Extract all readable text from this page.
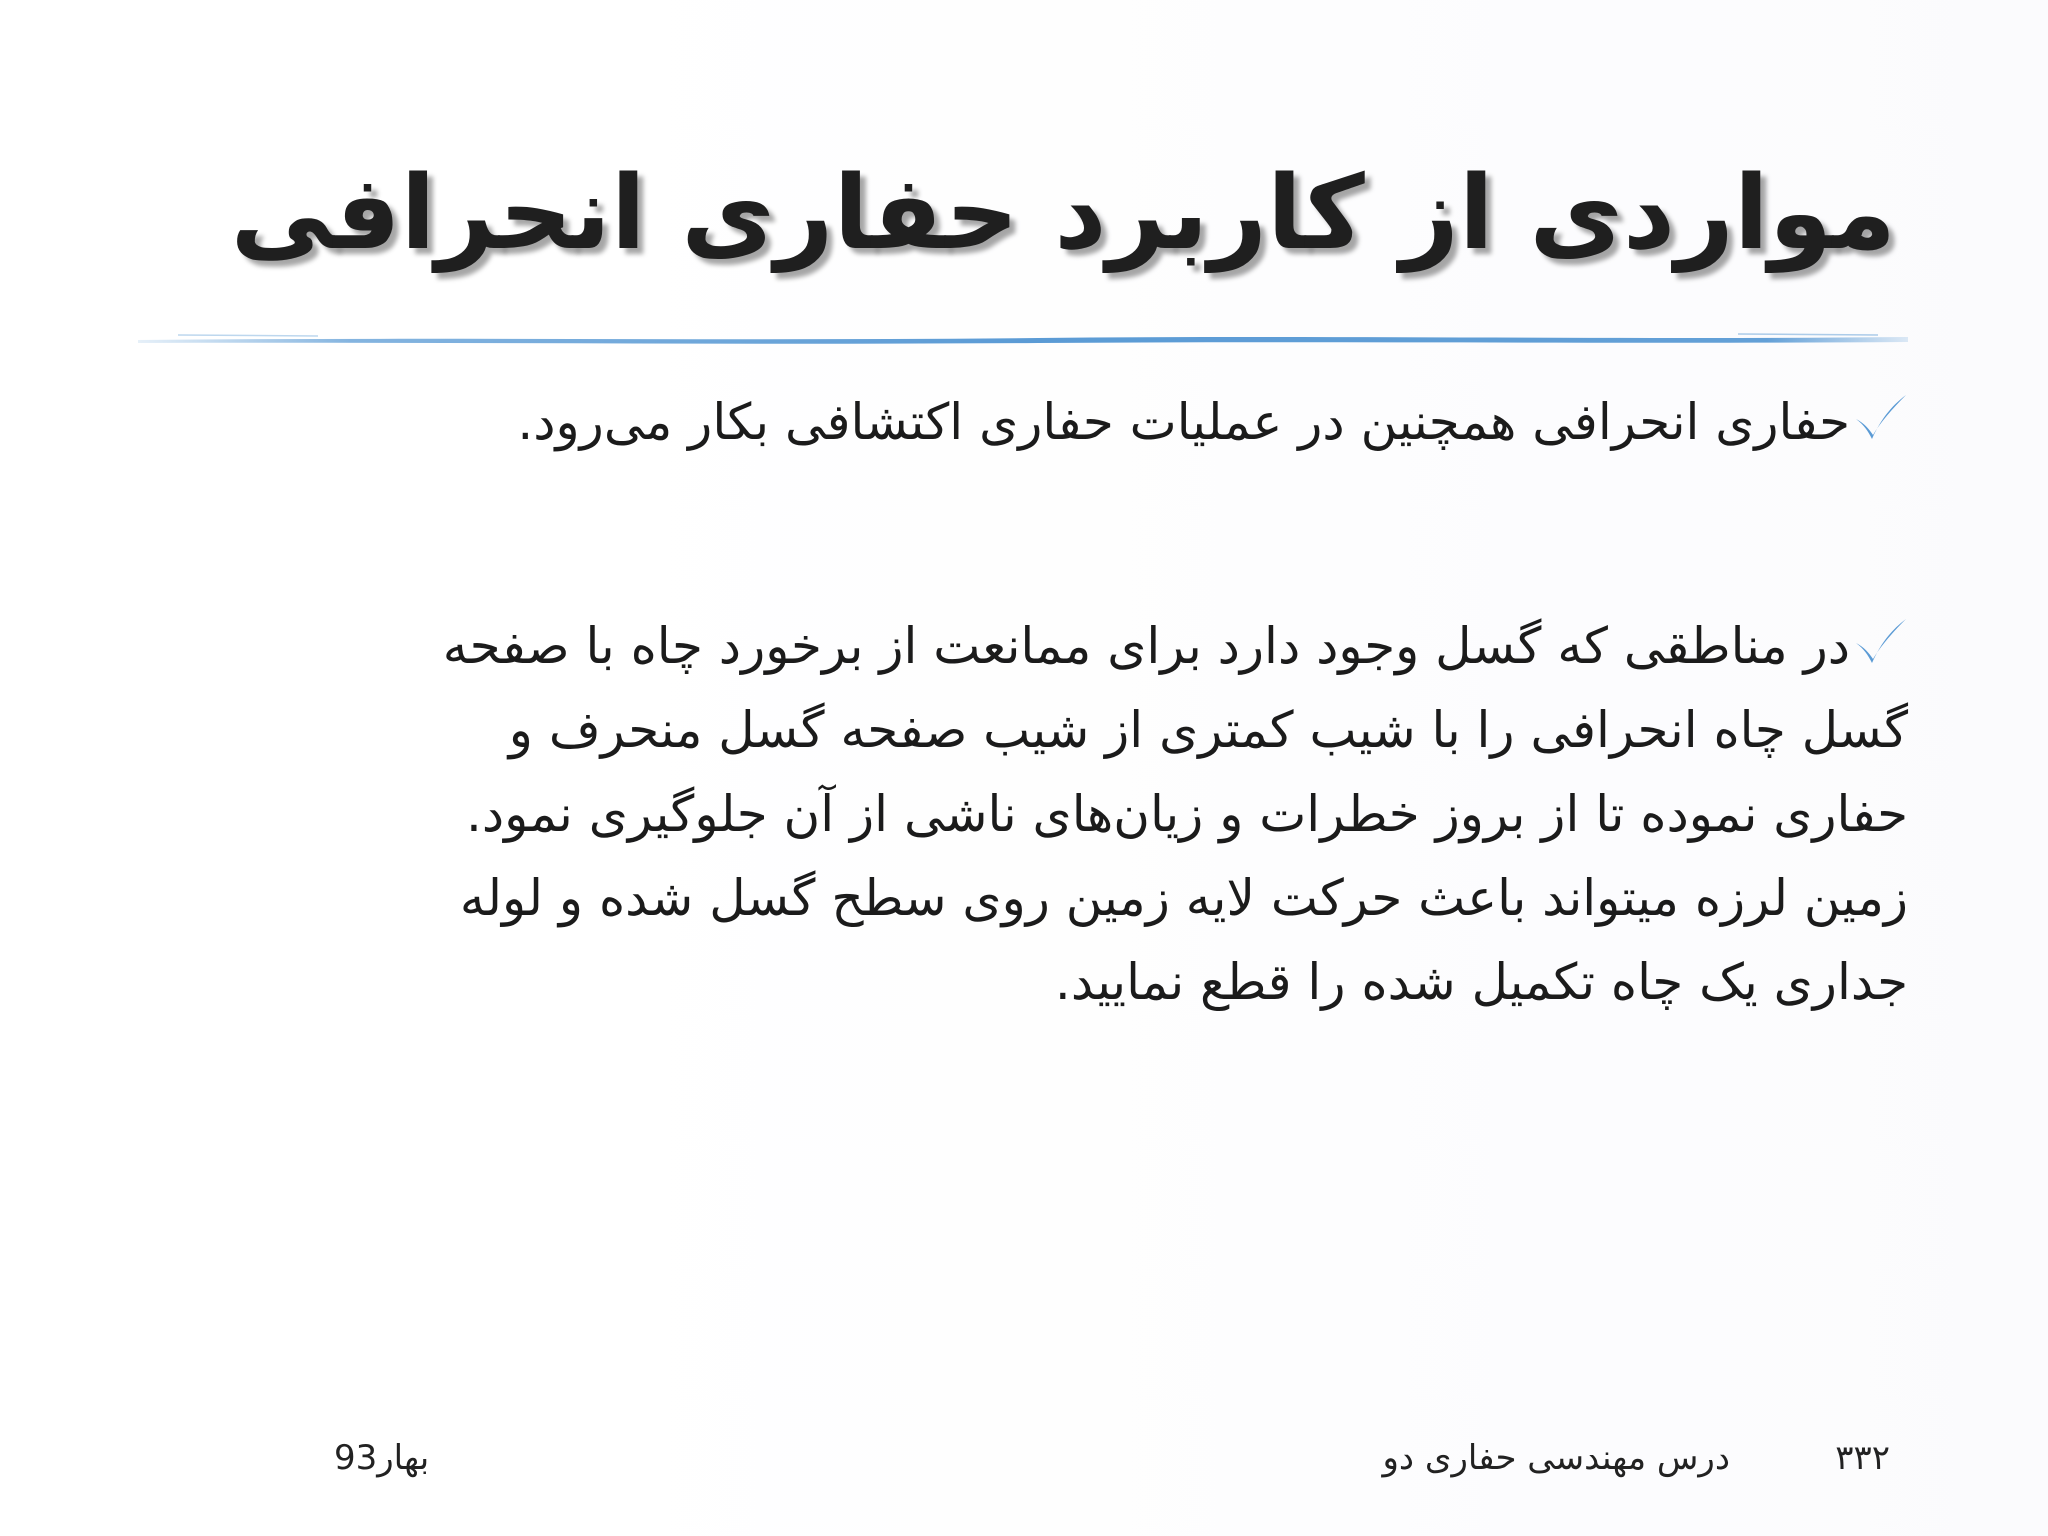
مواردی از کاربرد حفاری انحرافی
حفاری انحرافی همچنین در عملیات حفاری اکتشافی بکار می‌رود.
در مناطقی که گسل وجود دارد برای ممانعت از برخورد چاه با صفحه
گسل چاه انحرافی را با شیب کمتری از شیب صفحه گسل منحرف و
حفاری نموده تا از بروز خطرات و زیان‌های ناشی از آن جلوگیری نمود.
زمین لرزه میتواند باعث حرکت لایه زمین روی سطح گسل شده و لوله
جداری یک چاه تکمیل شده را قطع نمایید.
۳۳۲
درس مهندسی حفاری دو
بهار93
